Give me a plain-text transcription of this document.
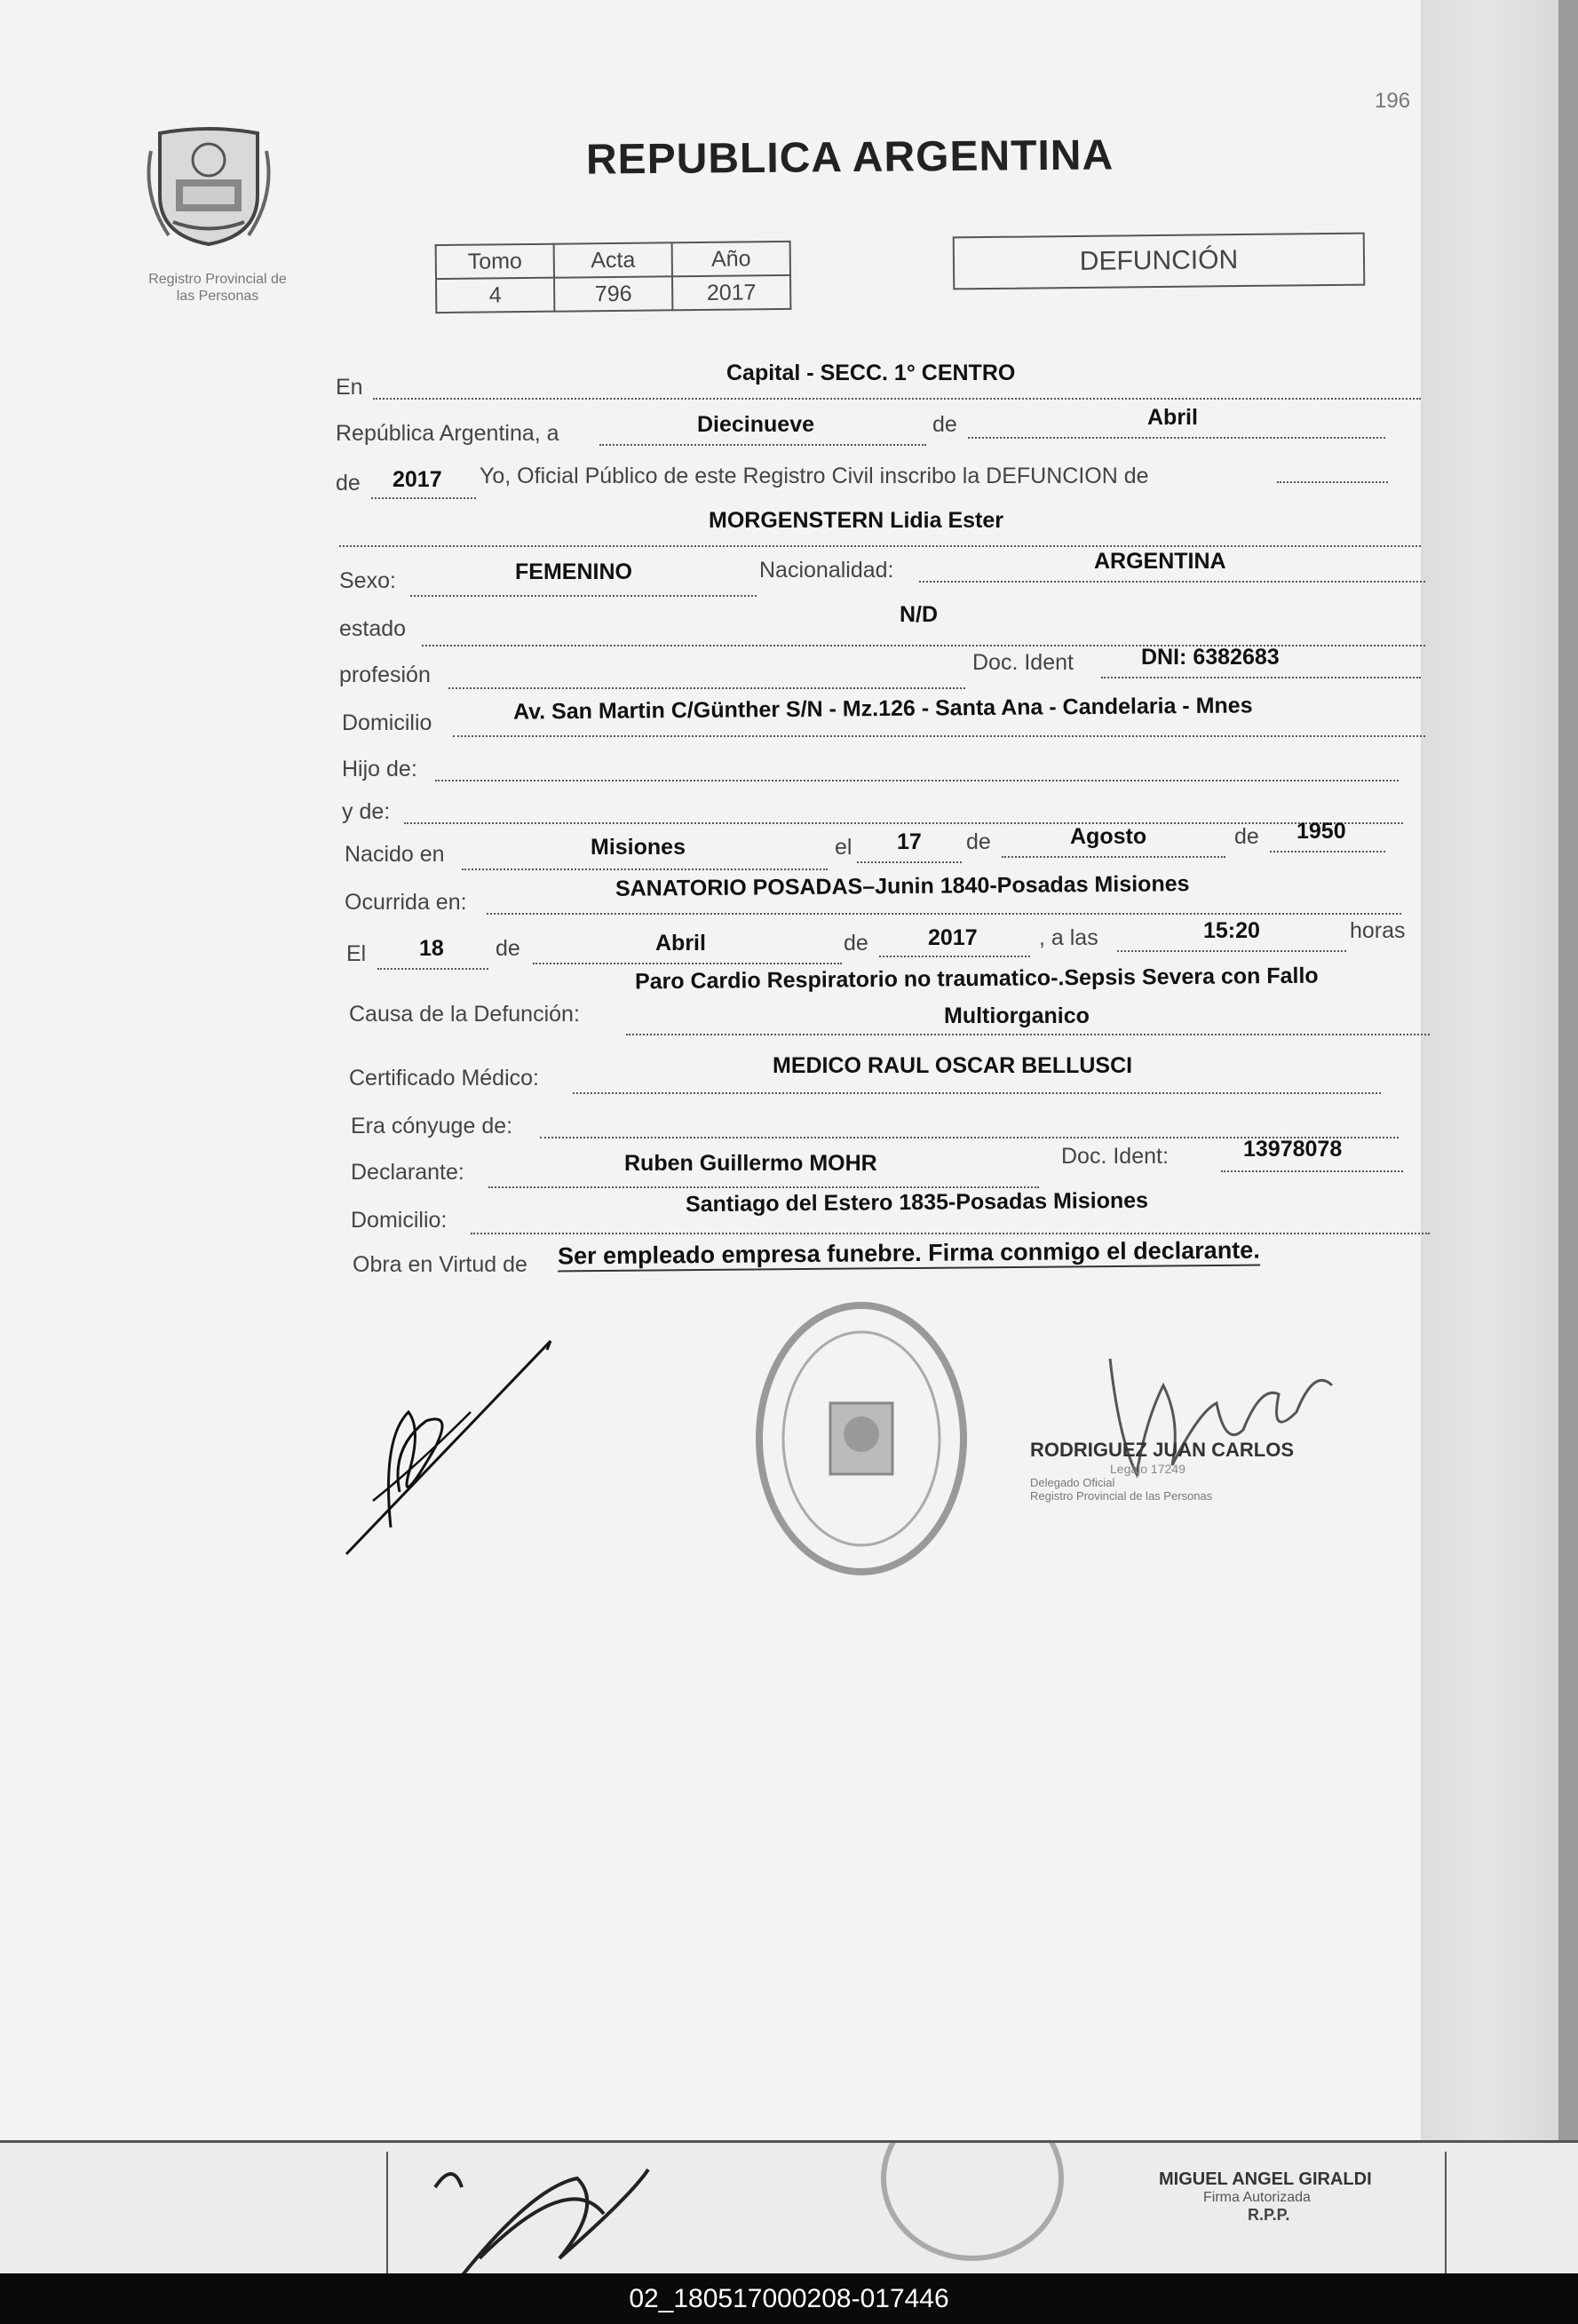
196
Registro Provincial de
las Personas
REPUBLICA ARGENTINA
Tomo	Acta	Año
4	796	2017
DEFUNCIÓN
En
Capital - SECC. 1° CENTRO
República Argentina, a	Diecinueve	de	Abril
de 2017 Yo, Oficial Público de este Registro Civil inscribo la DEFUNCION de
MORGENSTERN Lidia Ester
Sexo:	FEMENINO	Nacionalidad:	ARGENTINA
estado
N/D
profesión	Doc. Ident	DNI: 6382683
Domicilio	Av. San Martin C/Günther S/N - Mz.126 - Santa Ana - Candelaria - Mnes
Hijo de:
y de:
Nacido en	Misiones	el 17 de	Agosto	de 1950
Ocurrida en:
SANATORIO POSADAS–Junin 1840-Posadas Misiones
El 18 de	Abril	de	2017	, a las	15:20	horas
Causa de la Defunción:
Paro Cardio Respiratorio no traumatico-.Sepsis Severa con Fallo
Multiorganico
Certificado Médico:	MEDICO RAUL OSCAR BELLUSCI
Era cónyuge de:
Declarante:	Ruben Guillermo MOHR	Doc. Ident:	13978078
Domicilio:
Santiago del Estero 1835-Posadas Misiones
Obra en Virtud de Ser empleado empresa funebre. Firma conmigo el declarante.
RODRIGUEZ JUAN CARLOS
Legajo 17249
Delegado Oficial
Registro Provincial de las Personas
MIGUEL ANGEL GIRALDI
Firma Autorizada
R.P.P.
02_180517000208-017446
